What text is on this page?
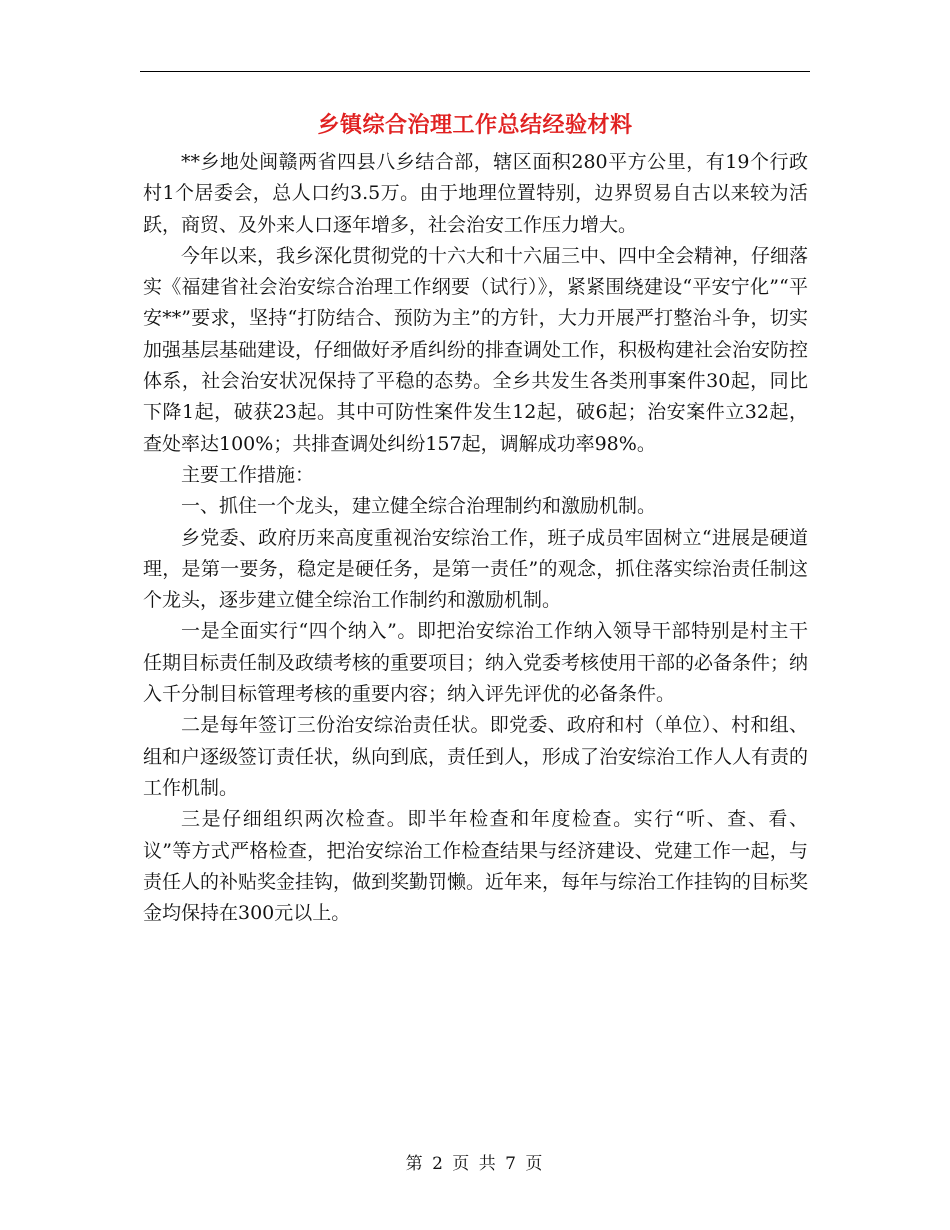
乡镇综合治理工作总结经验材料

**乡地处闽赣两省四县八乡结合部，辖区面积280平方公里，有19个行政村1个居委会，总人口约3.5万。由于地理位置特别，边界贸易自古以来较为活跃，商贸、及外来人口逐年增多，社会治安工作压力增大。

今年以来，我乡深化贯彻党的十六大和十六届三中、四中全会精神，仔细落实《福建省社会治安综合治理工作纲要（试行）》，紧紧围绕建设“平安宁化”“平安**”要求，坚持“打防结合、预防为主”的方针，大力开展严打整治斗争，切实加强基层基础建设，仔细做好矛盾纠纷的排查调处工作，积极构建社会治安防控体系，社会治安状况保持了平稳的态势。全乡共发生各类刑事案件30起，同比下降1起，破获23起。其中可防性案件发生12起，破6起；治安案件立32起，查处率达100%；共排查调处纠纷157起，调解成功率98%。

主要工作措施：

一、抓住一个龙头，建立健全综合治理制约和激励机制。

乡党委、政府历来高度重视治安综治工作，班子成员牢固树立“进展是硬道理，是第一要务，稳定是硬任务，是第一责任”的观念，抓住落实综治责任制这个龙头，逐步建立健全综治工作制约和激励机制。

一是全面实行“四个纳入”。即把治安综治工作纳入领导干部特别是村主干任期目标责任制及政绩考核的重要项目；纳入党委考核使用干部的必备条件；纳入千分制目标管理考核的重要内容；纳入评先评优的必备条件。

二是每年签订三份治安综治责任状。即党委、政府和村（单位）、村和组、组和户逐级签订责任状，纵向到底，责任到人，形成了治安综治工作人人有责的工作机制。

三是仔细组织两次检查。即半年检查和年度检查。实行“听、查、看、议”等方式严格检查，把治安综治工作检查结果与经济建设、党建工作一起，与责任人的补贴奖金挂钩，做到奖勤罚懒。近年来，每年与综治工作挂钩的目标奖金均保持在300元以上。

第 2 页 共 7 页
